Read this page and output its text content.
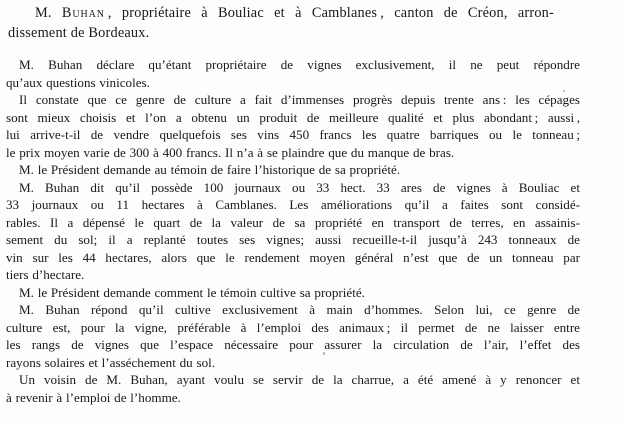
M. Buhan , propriétaire à Bouliac et à Camblanes , canton de Créon, arron-
dissement de Bordeaux.

M. Buhan déclare qu’étant propriétaire de vignes exclusivement, il ne peut répondre
qu’aux questions vinicoles.

Il constate que ce genre de culture a fait d’immenses progrès depuis trente ans : les cépages
sont mieux choisis et l’on a obtenu un produit de meilleure qualité et plus abondant ; aussi ,
lui arrive-t-il de vendre quelquefois ses vins 450 francs les quatre barriques ou le tonneau ;
le prix moyen varie de 300 à 400 francs. Il n’a à se plaindre que du manque de bras.

M. le Président demande au témoin de faire l’historique de sa propriété.

M. Buhan dit qu’il possède 100 journaux ou 33 hect. 33 ares de vignes à Bouliac et
33 journaux ou 11 hectares à Camblanes. Les améliorations qu’il a faites sont considé-
rables. Il a dépensé le quart de la valeur de sa propriété en transport de terres, en assainis-
sement du sol; il a replanté toutes ses vignes; aussi recueille-t-il jusqu’à 243 tonneaux de
vin sur les 44 hectares, alors que le rendement moyen général n’est que de un tonneau par
tiers d’hectare.

M. le Président demande comment le témoin cultive sa propriété.

M. Buhan répond qu’il cultive exclusivement à main d’hommes. Selon lui, ce genre de
culture est, pour la vigne, préférable à l’emploi des animaux ; il permet de ne laisser entre
les rangs de vignes que l’espace nécessaire pour assurer la circulation de l’air, l’effet des
rayons solaires et l’asséchement du sol.

Un voisin de M. Buhan, ayant voulu se servir de la charrue, a été amené à y renoncer et
à revenir à l’emploi de l’homme.
